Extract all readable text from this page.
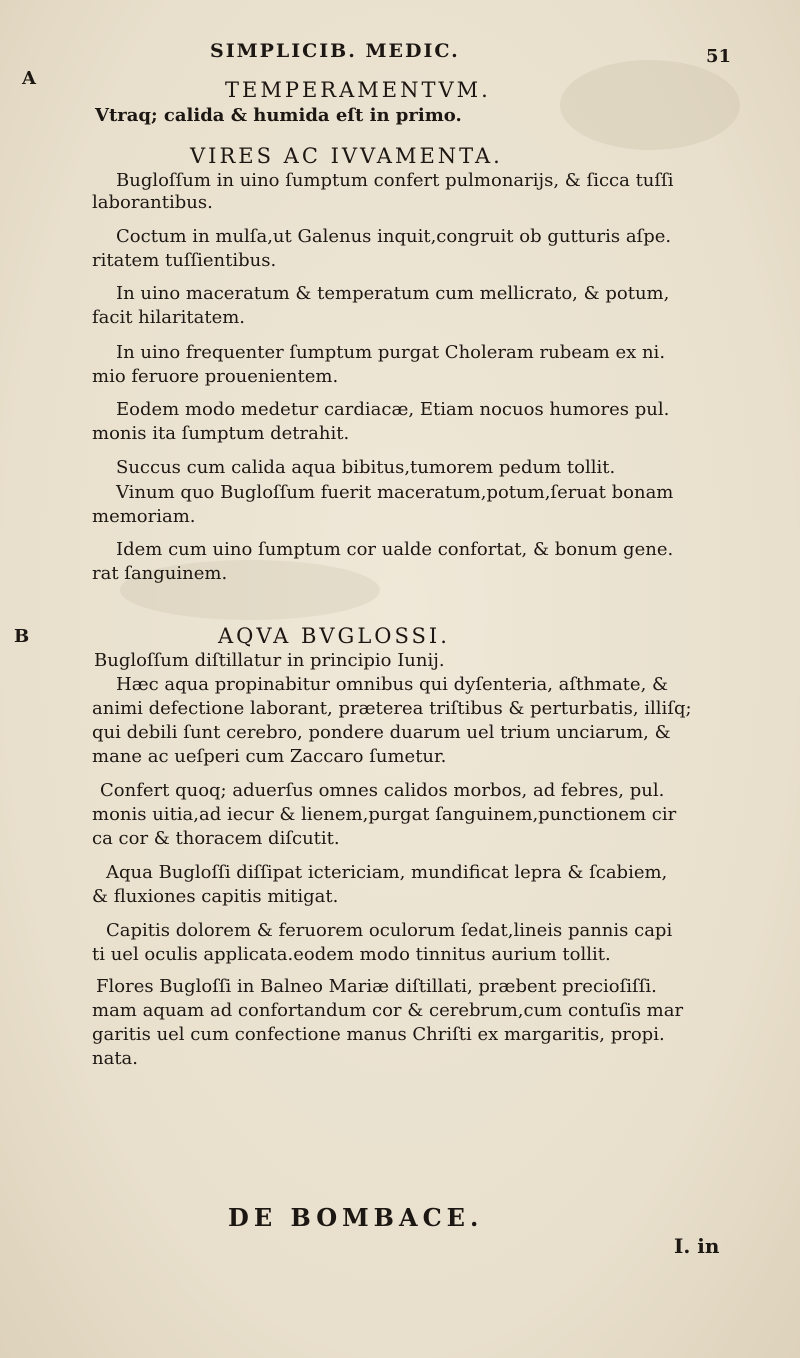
SIMPLICIB. MEDIC.	51
A	TEMPERAMENTVM.
Vtraq; calida & humida eſt in primo.
VIRES AC IVVAMENTA.
Bugloſſum in uino ſumptum confert pulmonarijs, & ſicca tuſſi
laborantibus.
Coctum in mulſa,ut Galenus inquit,congruit ob gutturis aſpe.
ritatem tuſſientibus.
In uino maceratum & temperatum cum mellicrato, & potum,
facit hilaritatem.
In uino frequenter ſumptum purgat Choleram rubeam ex ni.
mio feruore prouenientem.
Eodem modo medetur cardiacæ, Etiam nocuos humores pul.
monis ita ſumptum detrahit.
Succus cum calida aqua bibitus,tumorem pedum tollit.
Vinum quo Bugloſſum fuerit maceratum,potum,ſeruat bonam
memoriam.
Idem cum uino ſumptum cor ualde confortat, & bonum gene.
rat ſanguinem.
B	AQVA BVGLOSSI.
Bugloſſum diſtillatur in principio Iunij.
Hæc aqua propinabitur omnibus qui dyſenteria, aſthmate, &
animi defectione laborant, præterea triſtibus & perturbatis, illiſq;
qui debili ſunt cerebro, pondere duarum uel trium unciarum, &
mane ac ueſperi cum Zaccaro ſumetur.
Confert quoq; aduerſus omnes calidos morbos, ad febres, pul.
monis uitia,ad iecur & lienem,purgat ſanguinem,punctionem cir
ca cor & thoracem diſcutit.
Aqua Bugloſſi diſſipat ictericiam, mundificat lepra & ſcabiem,
& fluxiones capitis mitigat.
Capitis dolorem & feruorem oculorum ſedat,lineis pannis capi
ti uel oculis applicata.eodem modo tinnitus aurium tollit.
Flores Bugloſſi in Balneo Mariæ diſtillati, præbent precioſiſſi.
mam aquam ad confortandum cor & cerebrum,cum contuſis mar
garitis uel cum confectione manus Chriſti ex margaritis, propi.
nata.
DE BOMBACE.
I. in
